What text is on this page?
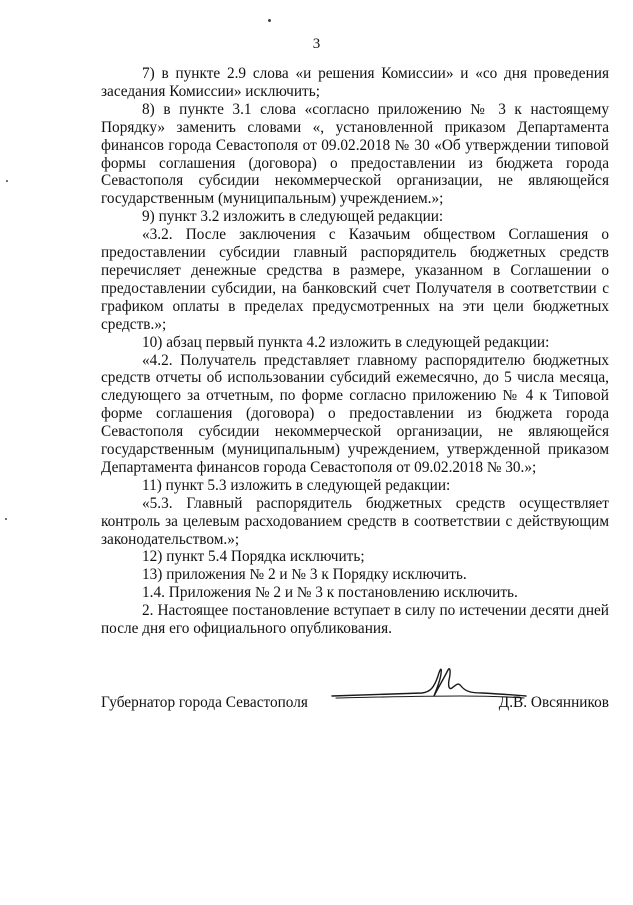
3

7) в пункте 2.9 слова «и решения Комиссии» и «со дня проведения заседания Комиссии» исключить;

8) в пункте 3.1 слова «согласно приложению № 3 к настоящему Порядку» заменить словами «, установленной приказом Департамента финансов города Севастополя от 09.02.2018 № 30 «Об утверждении типовой формы соглашения (договора) о предоставлении из бюджета города Севастополя субсидии некоммерческой организации, не являющейся государственным (муниципальным) учреждением.»;

9) пункт 3.2 изложить в следующей редакции:

«3.2. После заключения с Казачьим обществом Соглашения о предоставлении субсидии главный распорядитель бюджетных средств перечисляет денежные средства в размере, указанном в Соглашении о предоставлении субсидии, на банковский счет Получателя в соответствии с графиком оплаты в пределах предусмотренных на эти цели бюджетных средств.»;

10) абзац первый пункта 4.2 изложить в следующей редакции:

«4.2. Получатель представляет главному распорядителю бюджетных средств отчеты об использовании субсидий ежемесячно, до 5 числа месяца, следующего за отчетным, по форме согласно приложению № 4 к Типовой форме соглашения (договора) о предоставлении из бюджета города Севастополя субсидии некоммерческой организации, не являющейся государственным (муниципальным) учреждением, утвержденной приказом Департамента финансов города Севастополя от 09.02.2018 № 30.»;

11) пункт 5.3 изложить в следующей редакции:

«5.3. Главный распорядитель бюджетных средств осуществляет контроль за целевым расходованием средств в соответствии с действующим законодательством.»;

12) пункт 5.4 Порядка исключить;

13) приложения № 2 и № 3 к Порядку исключить.

1.4. Приложения № 2 и № 3 к постановлению исключить.

2. Настоящее постановление вступает в силу по истечении десяти дней после дня его официального опубликования.

Губернатор города Севастополя	Д.В. Овсянников
